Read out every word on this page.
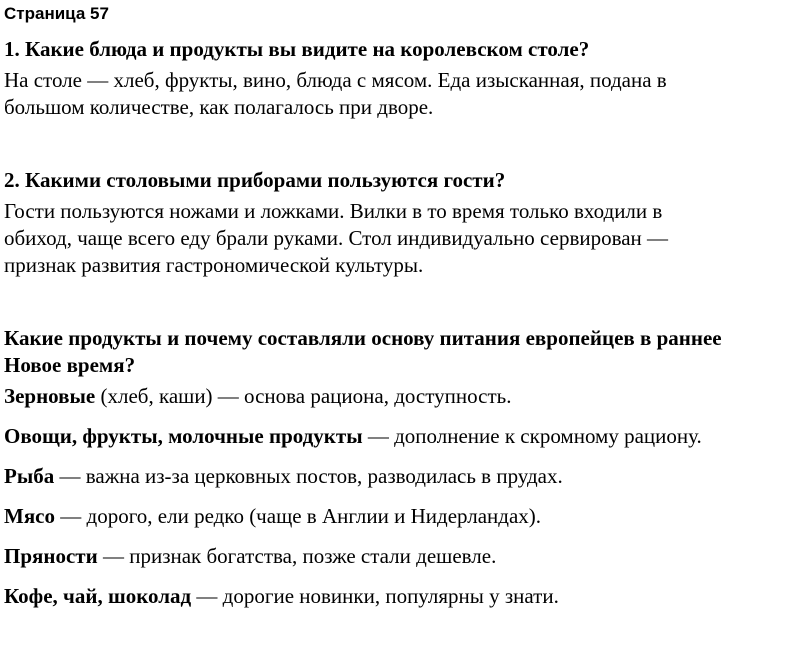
Страница 57
1. Какие блюда и продукты вы видите на королевском столе?
На столе — хлеб, фрукты, вино, блюда с мясом. Еда изысканная, подана в
большом количестве, как полагалось при дворе.
2. Какими столовыми приборами пользуются гости?
Гости пользуются ножами и ложками. Вилки в то время только входили в
обиход, чаще всего еду брали руками. Стол индивидуально сервирован —
признак развития гастрономической культуры.
Какие продукты и почему составляли основу питания европейцев в раннее
Новое время?
Зерновые (хлеб, каши) — основа рациона, доступность.
Овощи, фрукты, молочные продукты — дополнение к скромному рациону.
Рыба — важна из-за церковных постов, разводилась в прудах.
Мясо — дорого, ели редко (чаще в Англии и Нидерландах).
Пряности — признак богатства, позже стали дешевле.
Кофе, чай, шоколад — дорогие новинки, популярны у знати.
